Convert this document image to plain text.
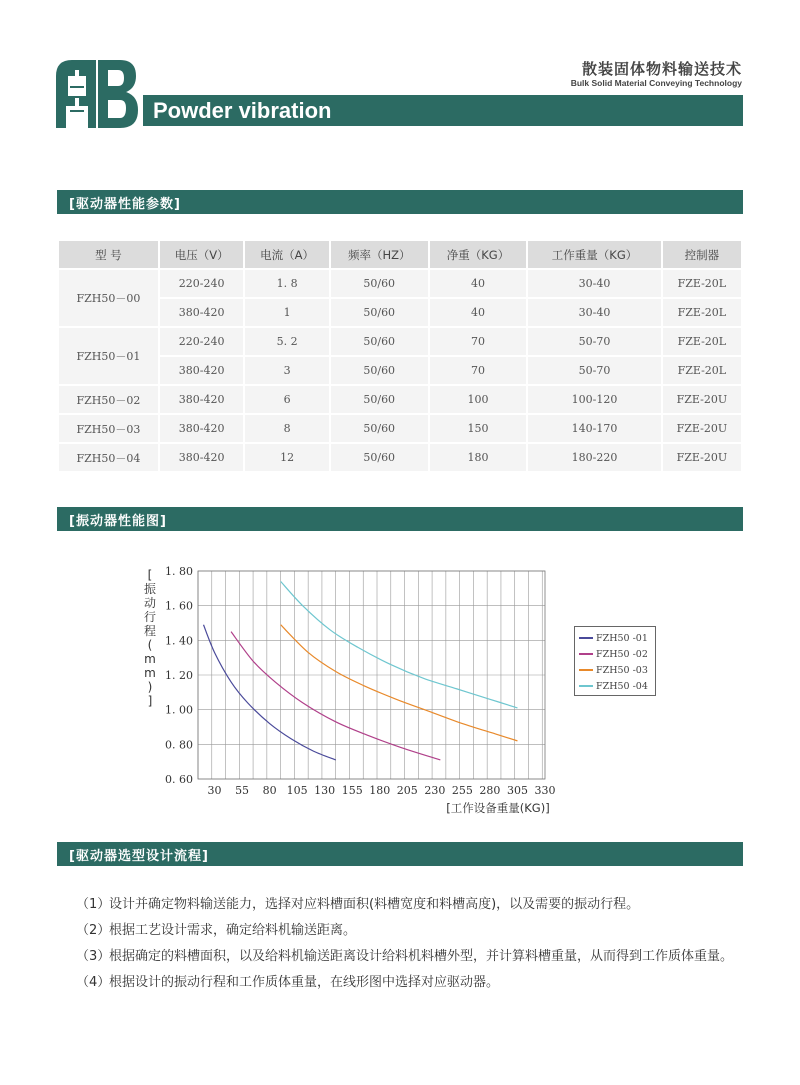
散装固体物料输送技术
Bulk Solid Material Conveying Technology
Powder vibration
[驱动器性能参数]
型 号	电压（V）	电流（A）	频率（HZ）	净重（KG）	工作重量（KG）	控制器
FZH50－00	220-240	1. 8	50/60	40	30-40	FZE-20L
	380-420	1	50/60	40	30-40	FZE-20L
FZH50－01	220-240	5. 2	50/60	70	50-70	FZE-20L
	380-420	3	50/60	70	50-70	FZE-20L
FZH50－02	380-420	6	50/60	100	100-120	FZE-20U
FZH50－03	380-420	8	50/60	150	140-170	FZE-20U
FZH50－04	380-420	12	50/60	180	180-220	FZE-20U
[振动器性能图]
1. 80
1. 60
1. 40
1. 20
1. 00
0. 80
0. 60
30 55 80 105 130 155 180 205 230 255 280 305 330
[工作设备重量(KG)]
[
振
动
行
程
(
m
m
)
]
FZH50 -01
FZH50 -02
FZH50 -03
FZH50 -04
[驱动器选型设计流程]
（1）
设计并确定物料输送能力，选择对应料槽面积(料槽宽度和料槽高度)，以及需要的振动行程。
（2）
根据工艺设计需求，确定给料机输送距离。
（3）
根据确定的料槽面积，以及给料机输送距离设计给料机料槽外型，并计算料槽重量，从而得到工作质体重量。
（4）
根据设计的振动行程和工作质体重量，在线形图中选择对应驱动器。
